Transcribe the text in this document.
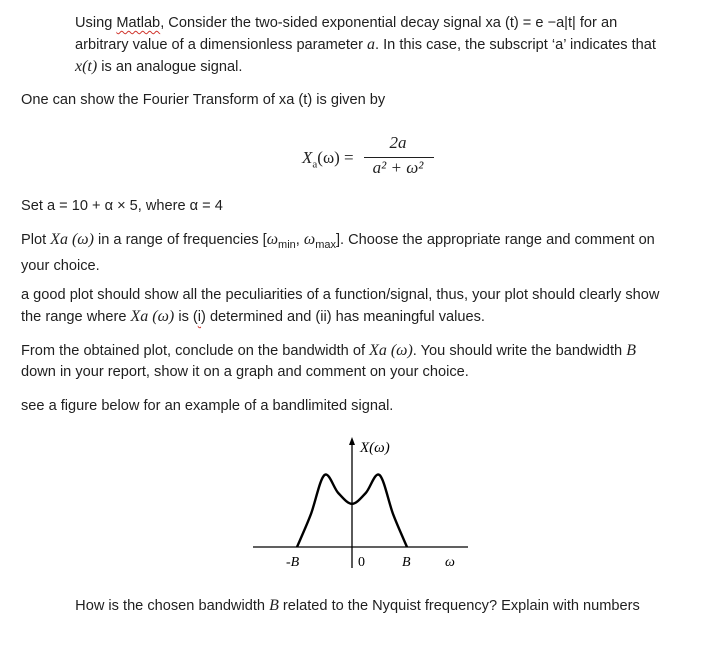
Using Matlab, Consider the two-sided exponential decay signal xa (t) = e −a|t| for an
arbitrary value of a dimensionless parameter a. In this case, the subscript ‘a’ indicates that
x(t) is an analogue signal.
One can show the Fourier Transform of xa (t) is given by
$X_a(\omega)$ =
2a
a² + ω²
Set a = 10 + α × 5, where α = 4
Plot Xa (ω) in a range of frequencies [$\omega_{min}$, $\omega_{max}$]. Choose the appropriate range and comment on
your choice.
a good plot should show all the peculiarities of a function/signal, thus, your plot should clearly show
the range where Xa (ω) is (i) determined and (ii) has meaningful values.
From the obtained plot, conclude on the bandwidth of Xa (ω). You should write the bandwidth B
down in your report, show it on a graph and comment on your choice.
see a figure below for an example of a bandlimited signal.
X(ω)
-B	0	B ω
How is the chosen bandwidth B related to the Nyquist frequency? Explain with numbers
